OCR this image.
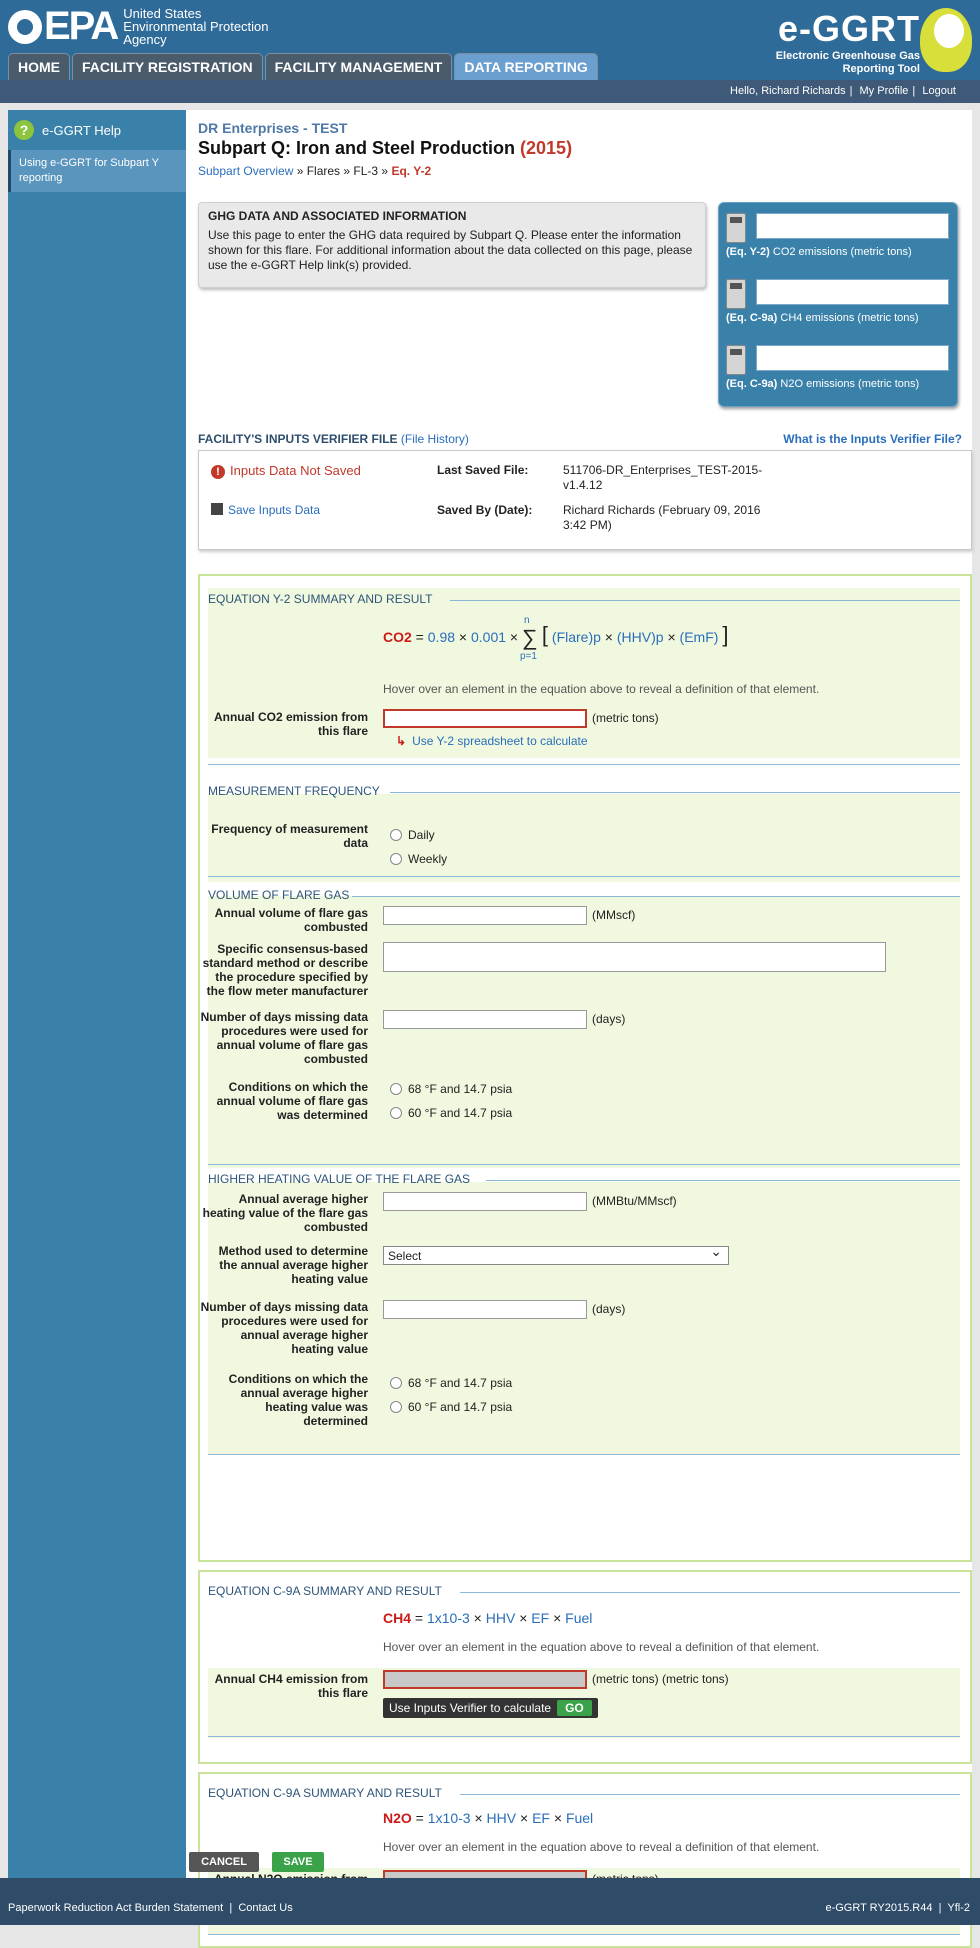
EPA United States
Environmental Protection
Agency	e-GGRT
Electronic Greenhouse Gas
Reporting Tool
HOME	FACILITY REGISTRATION	FACILITY MANAGEMENT	DATA REPORTING
Hello, Richard Richards | My Profile | Logout
?	e-GGRT Help
Using e-GGRT for Subpart Y reporting
DR Enterprises - TEST
Subpart Q: Iron and Steel Production (2015)
Subpart Overview » Flares » FL-3 » Eq. Y-2
GHG DATA AND ASSOCIATED INFORMATION

Use this page to enter the GHG data required by Subpart Q. Please enter the information shown for this flare. For additional information about the data collected on this page, please use the e-GGRT Help link(s) provided.

(Eq. Y-2) CO2 emissions (metric tons)
(Eq. C-9a) CH4 emissions (metric tons)
(Eq. C-9a) N2O emissions (metric tons)
FACILITY'S INPUTS VERIFIER FILE (File History)	What is the Inputs Verifier File?
! Inputs Data Not Saved
Save Inputs Data
Last Saved File:	511706-DR_Enterprises_TEST-2015-v1.4.12
Saved By (Date):	Richard Richards (February 09, 2016 3:42 PM)
EQUATION Y-2 SUMMARY AND RESULT
CO2 = 0.98 × 0.001 × ∑
n
p=1
[ (Flare)p × (HHV)p × (EmF) ]
Hover over an element in the equation above to reveal a definition of that element.
Annual CO2 emission from this flare
(metric tons)
↳ Use Y-2 spreadsheet to calculate
MEASUREMENT FREQUENCY
Frequency of measurement data
Daily
Weekly
VOLUME OF FLARE GAS
Annual volume of flare gas combusted
(MMscf)
Specific consensus-based standard method or describe the procedure specified by the flow meter manufacturer
Number of days missing data procedures were used for annual volume of flare gas combusted
(days)
Conditions on which the annual volume of flare gas was determined
68 °F and 14.7 psia
60 °F and 14.7 psia
HIGHER HEATING VALUE OF THE FLARE GAS
Annual average higher heating value of the flare gas combusted
(MMBtu/MMscf)
Method used to determine the annual average higher heating value
Select ⌄
Number of days missing data procedures were used for annual average higher heating value
(days)
Conditions on which the annual average higher heating value was determined
68 °F and 14.7 psia
60 °F and 14.7 psia
EQUATION C-9A SUMMARY AND RESULT
CH4 = 1x10-3 × HHV × EF × Fuel
Hover over an element in the equation above to reveal a definition of that element.
Annual CH4 emission from this flare
(metric tons) (metric tons)
Use Inputs Verifier to calculate GO
EQUATION C-9A SUMMARY AND RESULT
N2O = 1x10-3 × HHV × EF × Fuel
Hover over an element in the equation above to reveal a definition of that element.
CANCEL	SAVE
Paperwork Reduction Act Burden Statement  |  Contact Us	e-GGRT RY2015.R44  |  Yfl-2
